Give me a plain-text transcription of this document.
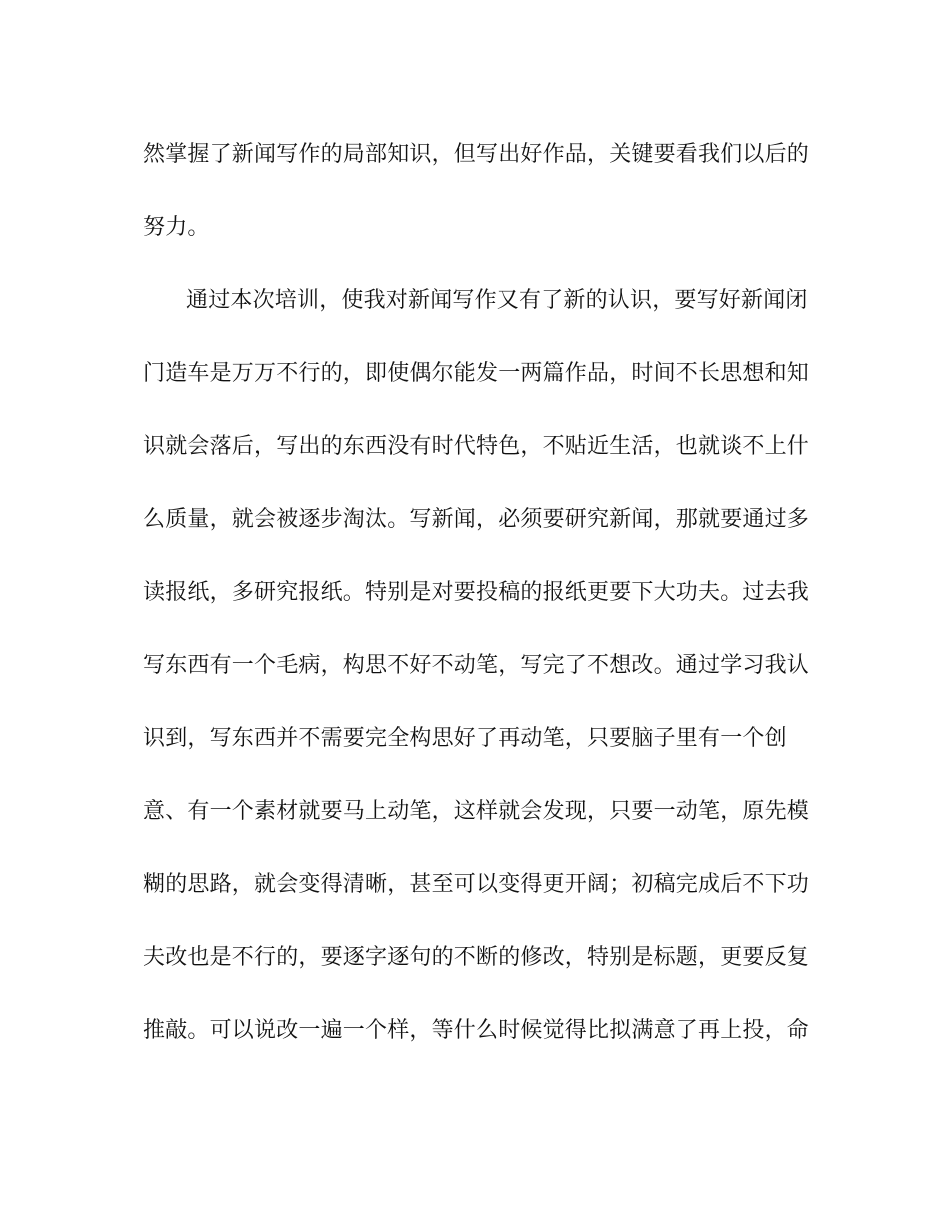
然掌握了新闻写作的局部知识，但写出好作品，关键要看我们以后的
努力。
通过本次培训，使我对新闻写作又有了新的认识，要写好新闻闭
门造车是万万不行的，即使偶尔能发一两篇作品，时间不长思想和知
识就会落后，写出的东西没有时代特色，不贴近生活，也就谈不上什
么质量，就会被逐步淘汰。写新闻，必须要研究新闻，那就要通过多
读报纸，多研究报纸。特别是对要投稿的报纸更要下大功夫。过去我
写东西有一个毛病，构思不好不动笔，写完了不想改。通过学习我认
识到，写东西并不需要完全构思好了再动笔，只要脑子里有一个创
意、有一个素材就要马上动笔，这样就会发现，只要一动笔，原先模
糊的思路，就会变得清晰，甚至可以变得更开阔；初稿完成后不下功
夫改也是不行的，要逐字逐句的不断的修改，特别是标题，更要反复
推敲。可以说改一遍一个样，等什么时候觉得比拟满意了再上投，命
